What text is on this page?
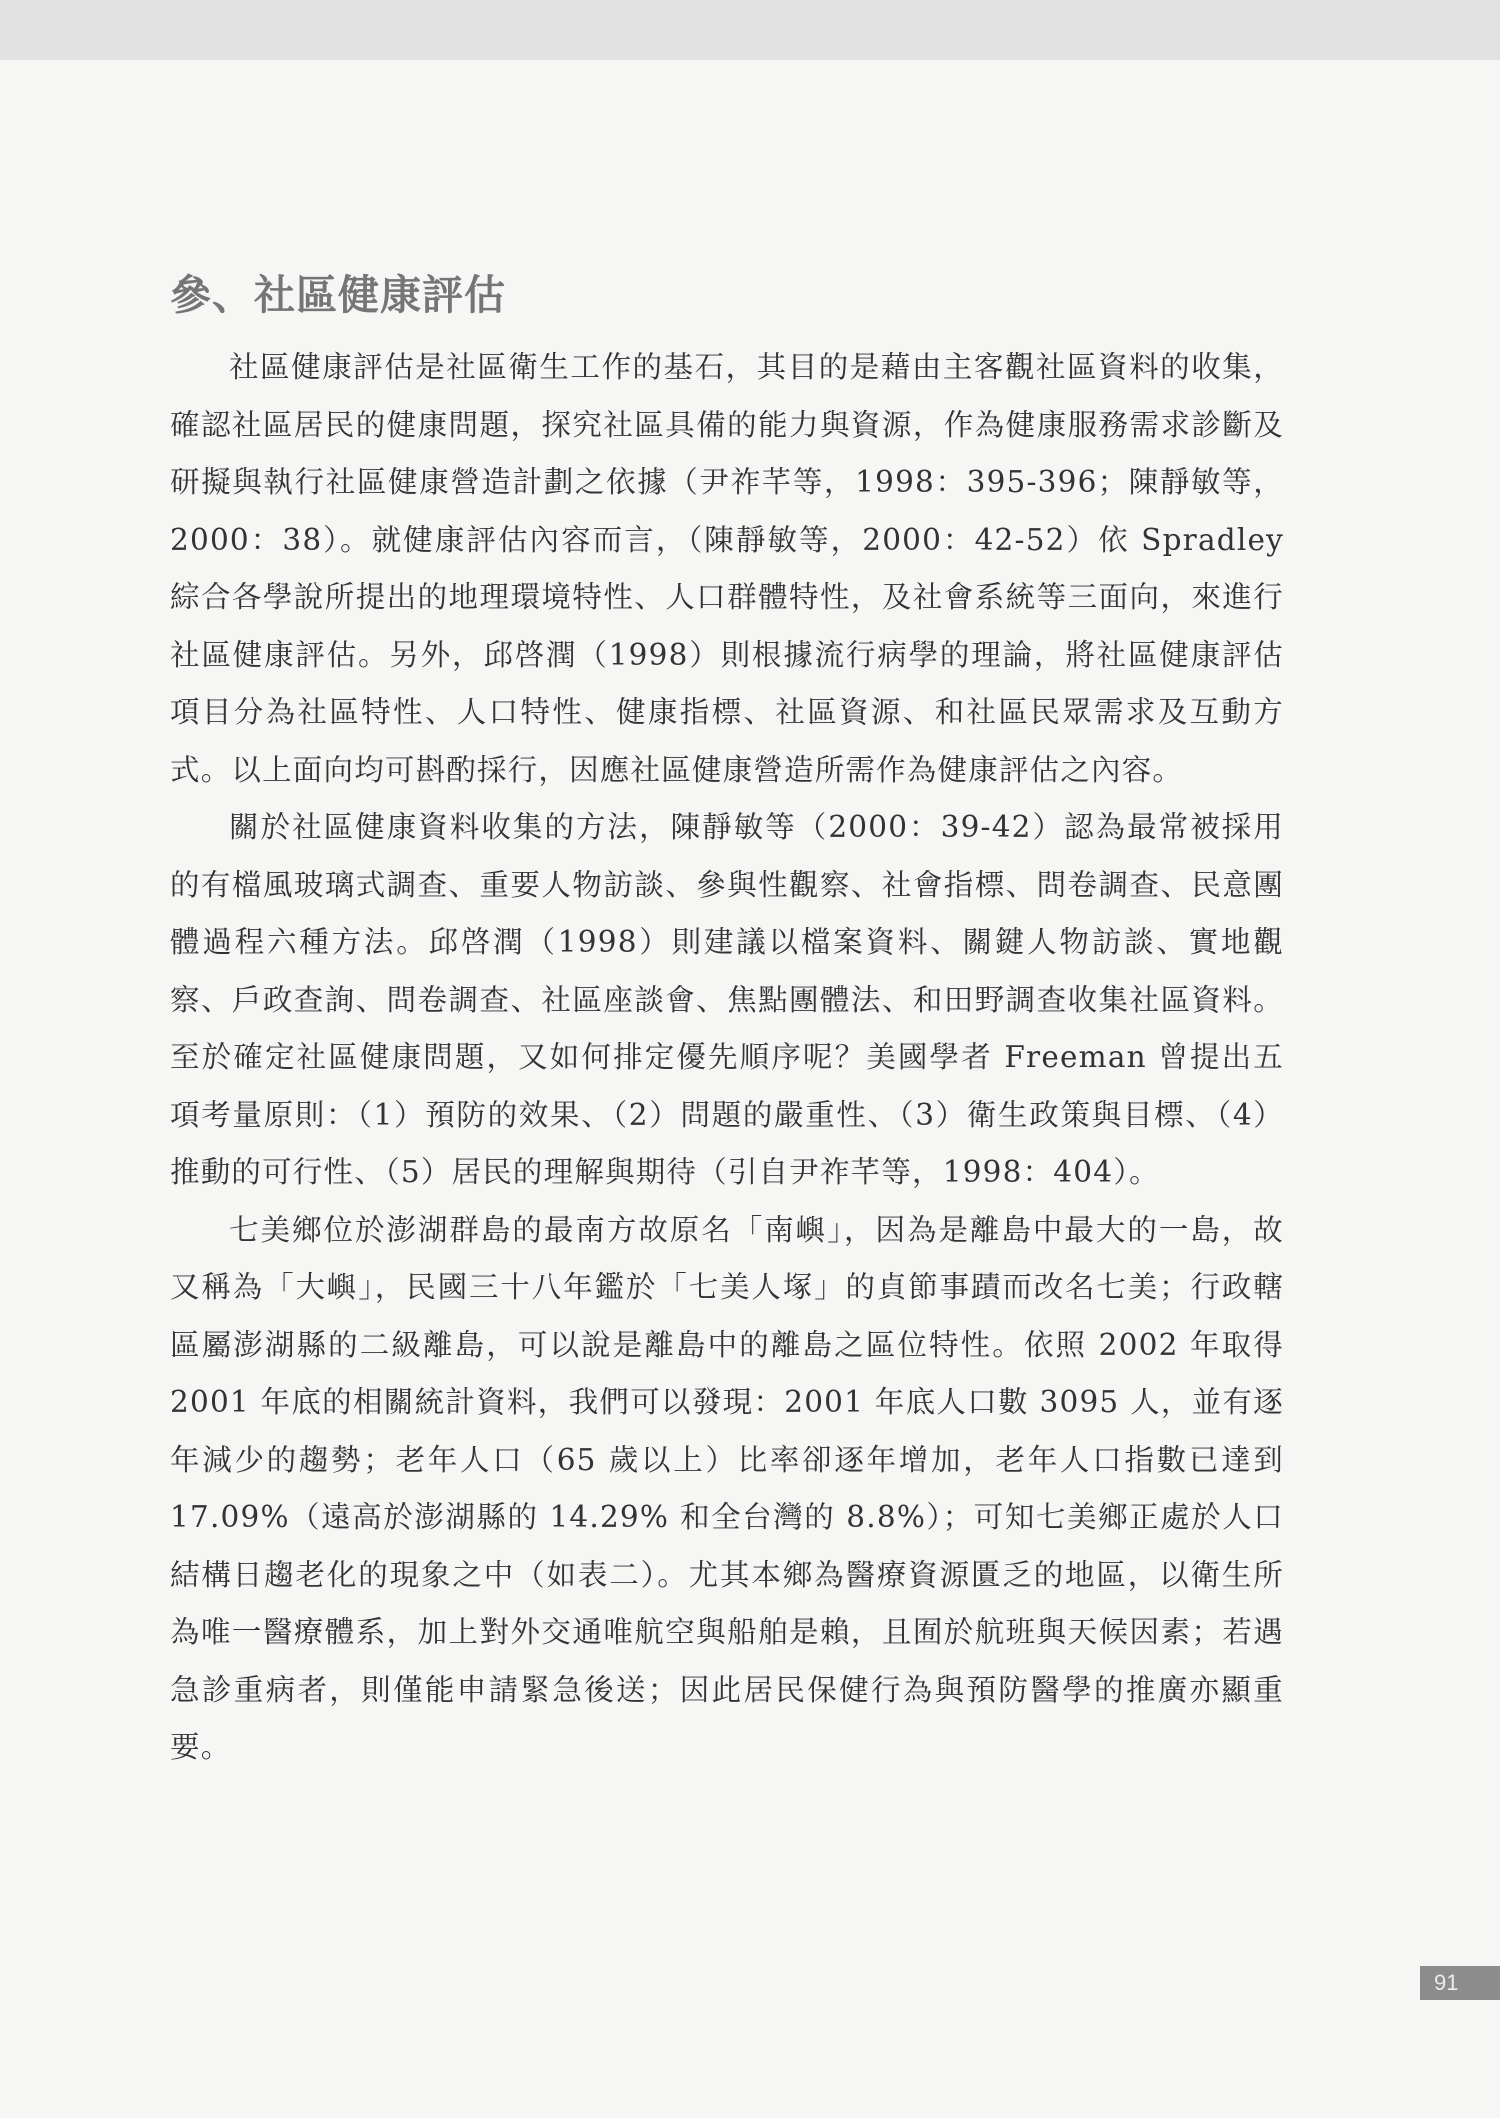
參、社區健康評估

社區健康評估是社區衛生工作的基石，其目的是藉由主客觀社區資料的收集，確認社區居民的健康問題，探究社區具備的能力與資源，作為健康服務需求診斷及研擬與執行社區健康營造計劃之依據（尹祚芊等，1998：395-396；陳靜敏等，2000：38）。就健康評估內容而言，（陳靜敏等，2000：42-52）依 Spradley 綜合各學說所提出的地理環境特性、人口群體特性，及社會系統等三面向，來進行社區健康評估。另外，邱啓潤（1998）則根據流行病學的理論，將社區健康評估項目分為社區特性、人口特性、健康指標、社區資源、和社區民眾需求及互動方式。以上面向均可斟酌採行，因應社區健康營造所需作為健康評估之內容。

關於社區健康資料收集的方法，陳靜敏等（2000：39-42）認為最常被採用的有檔風玻璃式調查、重要人物訪談、參與性觀察、社會指標、問卷調查、民意團體過程六種方法。邱啓潤（1998）則建議以檔案資料、關鍵人物訪談、實地觀察、戶政查詢、問卷調查、社區座談會、焦點團體法、和田野調查收集社區資料。至於確定社區健康問題，又如何排定優先順序呢？美國學者 Freeman 曾提出五項考量原則：（1）預防的效果、（2）問題的嚴重性、（3）衛生政策與目標、（4）推動的可行性、（5）居民的理解與期待（引自尹祚芊等，1998：404）。

七美鄉位於澎湖群島的最南方故原名「南嶼」，因為是離島中最大的一島，故又稱為「大嶼」，民國三十八年鑑於「七美人塚」的貞節事蹟而改名七美；行政轄區屬澎湖縣的二級離島，可以說是離島中的離島之區位特性。依照 2002 年取得 2001 年底的相關統計資料，我們可以發現：2001 年底人口數 3095 人，並有逐年減少的趨勢；老年人口（65 歲以上）比率卻逐年增加，老年人口指數已達到 17.09%（遠高於澎湖縣的 14.29% 和全台灣的 8.8%）；可知七美鄉正處於人口結構日趨老化的現象之中（如表二）。尤其本鄉為醫療資源匱乏的地區，以衛生所為唯一醫療體系，加上對外交通唯航空與船舶是賴，且囿於航班與天候因素；若遇急診重病者，則僅能申請緊急後送；因此居民保健行為與預防醫學的推廣亦顯重要。

91
